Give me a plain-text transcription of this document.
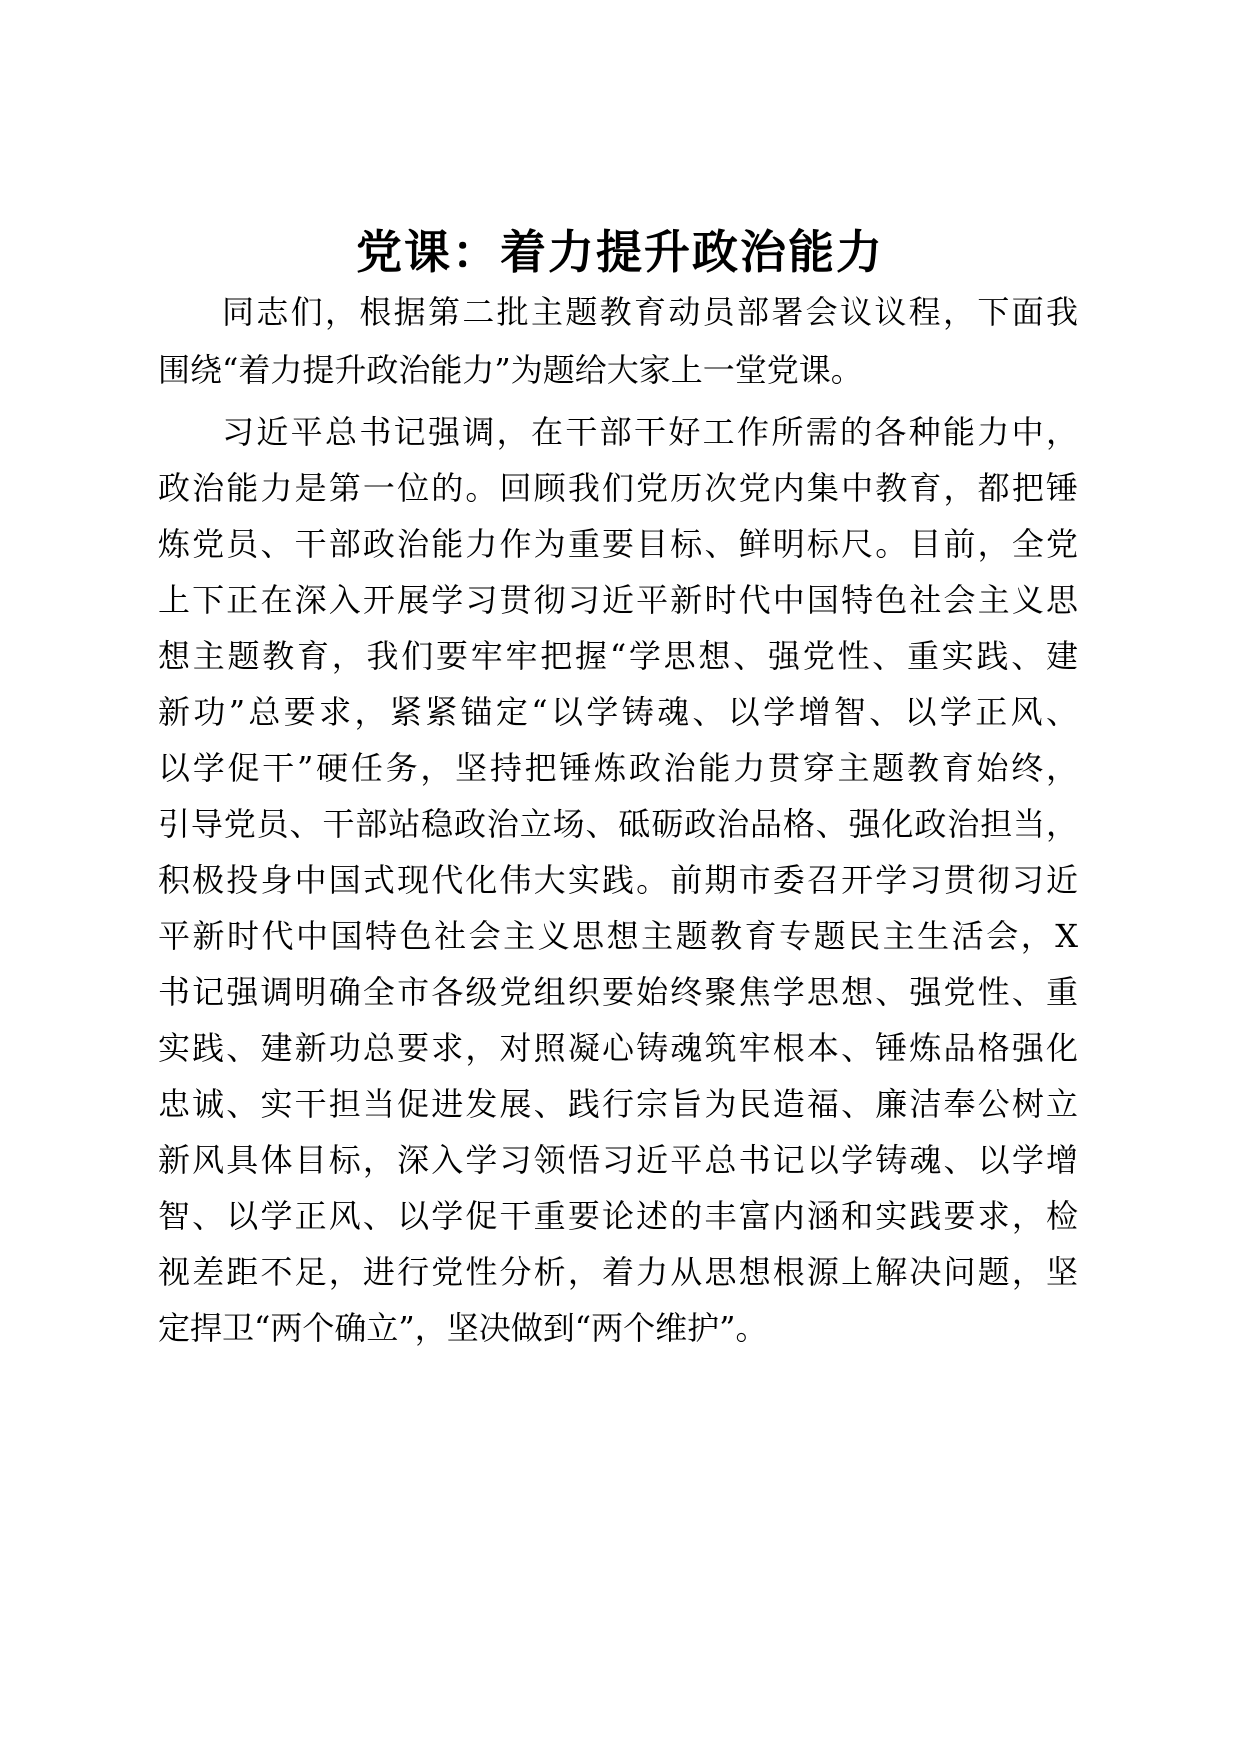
党课：着力提升政治能力

同志们，根据第二批主题教育动员部署会议议程，下面我

围绕“着力提升政治能力”为题给大家上一堂党课。

习近平总书记强调，在干部干好工作所需的各种能力中，

政治能力是第一位的。回顾我们党历次党内集中教育，都把锤

炼党员、干部政治能力作为重要目标、鲜明标尺。目前，全党

上下正在深入开展学习贯彻习近平新时代中国特色社会主义思

想主题教育，我们要牢牢把握“学思想、强党性、重实践、建

新功”总要求，紧紧锚定“以学铸魂、以学增智、以学正风、

以学促干”硬任务，坚持把锤炼政治能力贯穿主题教育始终，

引导党员、干部站稳政治立场、砥砺政治品格、强化政治担当，

积极投身中国式现代化伟大实践。前期市委召开学习贯彻习近

平新时代中国特色社会主义思想主题教育专题民主生活会，X

书记强调明确全市各级党组织要始终聚焦学思想、强党性、重

实践、建新功总要求，对照凝心铸魂筑牢根本、锤炼品格强化

忠诚、实干担当促进发展、践行宗旨为民造福、廉洁奉公树立

新风具体目标，深入学习领悟习近平总书记以学铸魂、以学增

智、以学正风、以学促干重要论述的丰富内涵和实践要求，检

视差距不足，进行党性分析，着力从思想根源上解决问题，坚

定捍卫“两个确立”，坚决做到“两个维护”。
